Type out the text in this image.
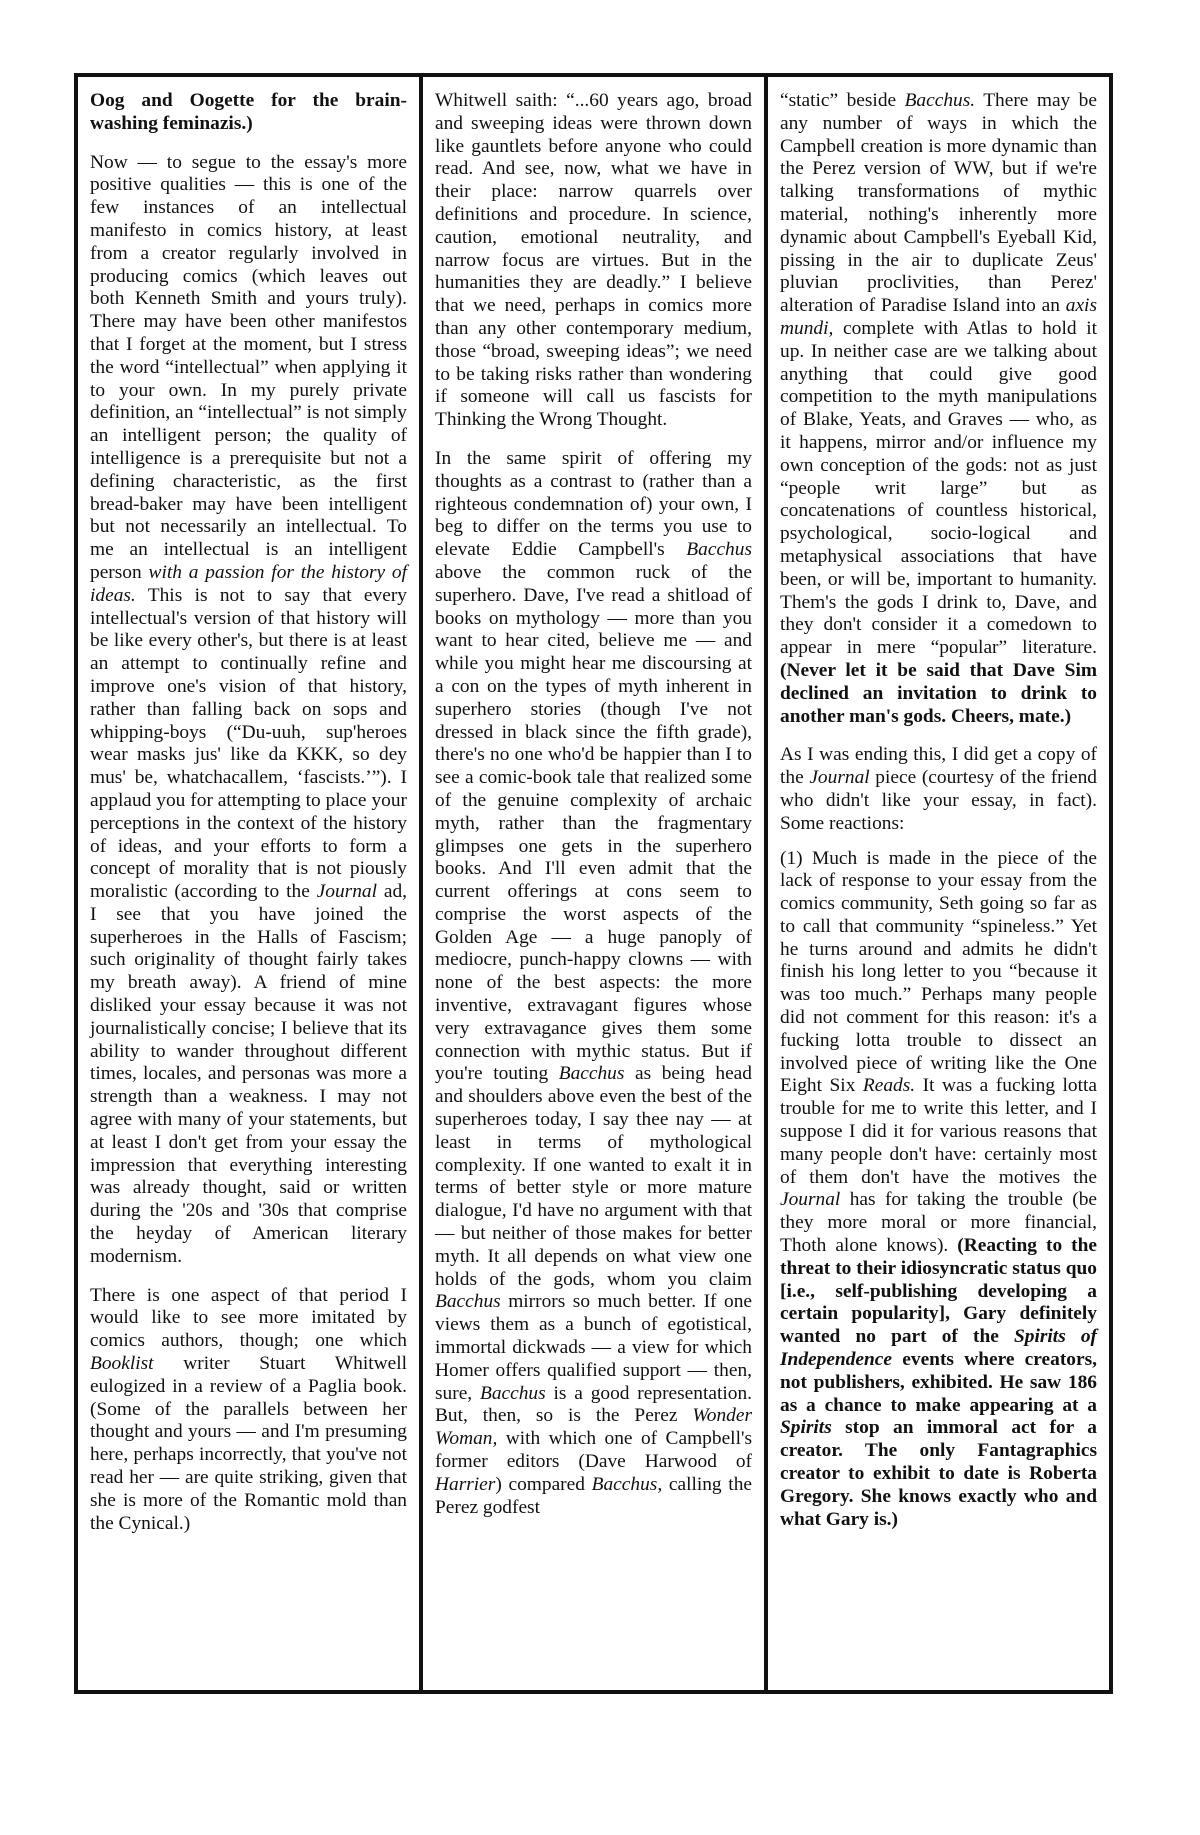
Oog and Oogette for the brain-washing feminazis.)

Now — to segue to the essay's more positive qualities — this is one of the few instances of an intellectual manifesto in comics history, at least from a creator regularly involved in producing comics (which leaves out both Kenneth Smith and yours truly). There may have been other manifestos that I forget at the moment, but I stress the word “intellectual” when applying it to your own. In my purely private definition, an “intellectual” is not simply an intelligent person; the quality of intelligence is a prerequisite but not a defining characteristic, as the first bread-baker may have been intelligent but not necessarily an intellectual. To me an intellectual is an intelligent person with a passion for the history of ideas. This is not to say that every intellectual's version of that history will be like every other's, but there is at least an attempt to continually refine and improve one's vision of that history, rather than falling back on sops and whipping-boys (“Du-uuh, sup'heroes wear masks jus' like da KKK, so dey mus' be, whatchacallem, ‘fascists.’”). I applaud you for attempting to place your perceptions in the context of the history of ideas, and your efforts to form a concept of morality that is not piously moralistic (according to the Journal ad, I see that you have joined the superheroes in the Halls of Fascism; such originality of thought fairly takes my breath away). A friend of mine disliked your essay because it was not journalistically concise; I believe that its ability to wander throughout different times, locales, and personas was more a strength than a weakness. I may not agree with many of your statements, but at least I don't get from your essay the impression that everything interesting was already thought, said or written during the '20s and '30s that comprise the heyday of American literary modernism.

There is one aspect of that period I would like to see more imitated by comics authors, though; one which Booklist writer Stuart Whitwell eulogized in a review of a Paglia book. (Some of the parallels between her thought and yours — and I'm presuming here, perhaps incorrectly, that you've not read her — are quite striking, given that she is more of the Romantic mold than the Cynical.)

Whitwell saith: “...60 years ago, broad and sweeping ideas were thrown down like gauntlets before anyone who could read. And see, now, what we have in their place: narrow quarrels over definitions and procedure. In science, caution, emotional neutrality, and narrow focus are virtues. But in the humanities they are deadly.” I believe that we need, perhaps in comics more than any other contemporary medium, those “broad, sweeping ideas”; we need to be taking risks rather than wondering if someone will call us fascists for Thinking the Wrong Thought.

In the same spirit of offering my thoughts as a contrast to (rather than a righteous condemnation of) your own, I beg to differ on the terms you use to elevate Eddie Campbell's Bacchus above the common ruck of the superhero. Dave, I've read a shitload of books on mythology — more than you want to hear cited, believe me — and while you might hear me discoursing at a con on the types of myth inherent in superhero stories (though I've not dressed in black since the fifth grade), there's no one who'd be happier than I to see a comic-book tale that realized some of the genuine complexity of archaic myth, rather than the fragmentary glimpses one gets in the superhero books. And I'll even admit that the current offerings at cons seem to comprise the worst aspects of the Golden Age — a huge panoply of mediocre, punch-happy clowns — with none of the best aspects: the more inventive, extravagant figures whose very extravagance gives them some connection with mythic status. But if you're touting Bacchus as being head and shoulders above even the best of the superheroes today, I say thee nay — at least in terms of mythological complexity. If one wanted to exalt it in terms of better style or more mature dialogue, I'd have no argument with that — but neither of those makes for better myth. It all depends on what view one holds of the gods, whom you claim Bacchus mirrors so much better. If one views them as a bunch of egotistical, immortal dickwads — a view for which Homer offers qualified support — then, sure, Bacchus is a good representation. But, then, so is the Perez Wonder Woman, with which one of Campbell's former editors (Dave Harwood of Harrier) compared Bacchus, calling the Perez godfest

“static” beside Bacchus. There may be any number of ways in which the Campbell creation is more dynamic than the Perez version of WW, but if we're talking transformations of mythic material, nothing's inherently more dynamic about Campbell's Eyeball Kid, pissing in the air to duplicate Zeus' pluvian proclivities, than Perez' alteration of Paradise Island into an axis mundi, complete with Atlas to hold it up. In neither case are we talking about anything that could give good competition to the myth manipulations of Blake, Yeats, and Graves — who, as it happens, mirror and/or influence my own conception of the gods: not as just “people writ large” but as concatenations of countless historical, psychological, socio-logical and metaphysical associations that have been, or will be, important to humanity. Them's the gods I drink to, Dave, and they don't consider it a comedown to appear in mere “popular” literature. (Never let it be said that Dave Sim declined an invitation to drink to another man's gods. Cheers, mate.)

As I was ending this, I did get a copy of the Journal piece (courtesy of the friend who didn't like your essay, in fact). Some reactions:

(1) Much is made in the piece of the lack of response to your essay from the comics community, Seth going so far as to call that community “spineless.” Yet he turns around and admits he didn't finish his long letter to you “because it was too much.” Perhaps many people did not comment for this reason: it's a fucking lotta trouble to dissect an involved piece of writing like the One Eight Six Reads. It was a fucking lotta trouble for me to write this letter, and I suppose I did it for various reasons that many people don't have: certainly most of them don't have the motives the Journal has for taking the trouble (be they more moral or more financial, Thoth alone knows). (Reacting to the threat to their idiosyncratic status quo [i.e., self-publishing developing a certain popularity], Gary definitely wanted no part of the Spirits of Independence events where creators, not publishers, exhibited. He saw 186 as a chance to make appearing at a Spirits stop an immoral act for a creator. The only Fantagraphics creator to exhibit to date is Roberta Gregory. She knows exactly who and what Gary is.)
